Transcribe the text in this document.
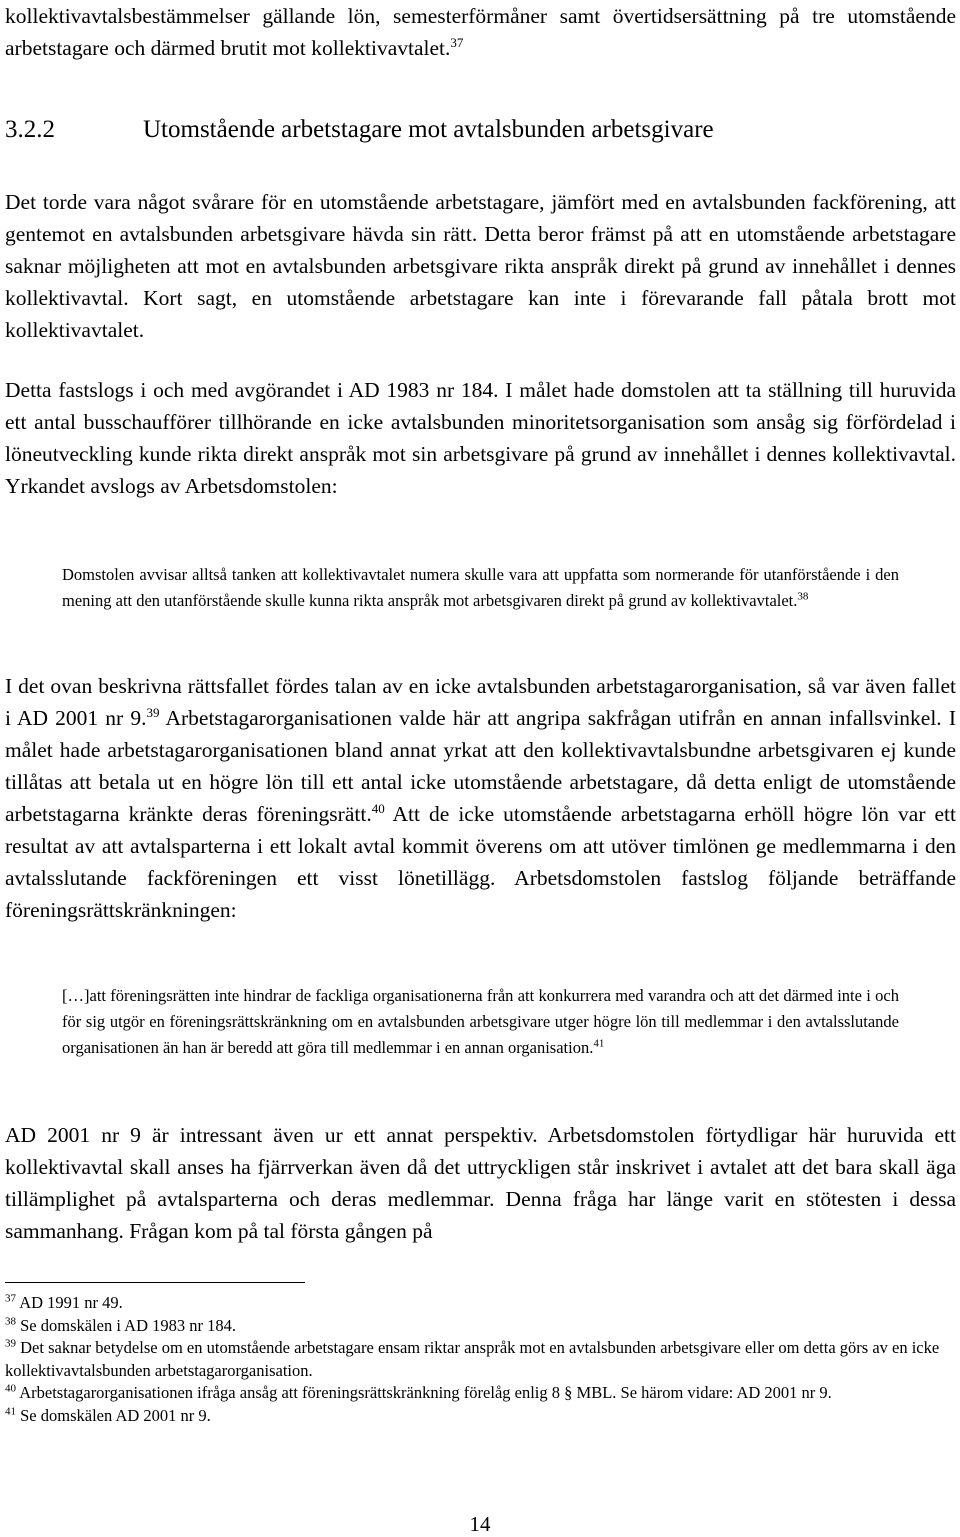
kollektivavtalsbestämmelser gällande lön, semesterförmåner samt övertidsersättning på tre utomstående arbetstagare och därmed brutit mot kollektivavtalet.$^{37}$

3.2.2	Utomstående arbetstagare mot avtalsbunden arbetsgivare

Det torde vara något svårare för en utomstående arbetstagare, jämfört med en avtalsbunden fackförening, att gentemot en avtalsbunden arbetsgivare hävda sin rätt. Detta beror främst på att en utomstående arbetstagare saknar möjligheten att mot en avtalsbunden arbetsgivare rikta anspråk direkt på grund av innehållet i dennes kollektivavtal. Kort sagt, en utomstående arbetstagare kan inte i förevarande fall påtala brott mot kollektivavtalet.

Detta fastslogs i och med avgörandet i AD 1983 nr 184. I målet hade domstolen att ta ställning till huruvida ett antal busschaufförer tillhörande en icke avtalsbunden minoritetsorganisation som ansåg sig förfördelad i löneutveckling kunde rikta direkt anspråk mot sin arbetsgivare på grund av innehållet i dennes kollektivavtal. Yrkandet avslogs av Arbetsdomstolen:

Domstolen avvisar alltså tanken att kollektivavtalet numera skulle vara att uppfatta som normerande för utanförstående i den mening att den utanförstående skulle kunna rikta anspråk mot arbetsgivaren direkt på grund av kollektivavtalet.$^{38}$

I det ovan beskrivna rättsfallet fördes talan av en icke avtalsbunden arbetstagarorganisation, så var även fallet i AD 2001 nr 9.39 Arbetstagarorganisationen valde här att angripa sakfrågan utifrån en annan infallsvinkel. I målet hade arbetstagarorganisationen bland annat yrkat att den kollektivavtalsbundne arbetsgivaren ej kunde tillåtas att betala ut en högre lön till ett antal icke utomstående arbetstagare, då detta enligt de utomstående arbetstagarna kränkte deras föreningsrätt.$^{40}$ Att de icke utomstående arbetstagarna erhöll högre lön var ett resultat av att avtalsparterna i ett lokalt avtal kommit överens om att utöver timlönen ge medlemmarna i den avtalsslutande fackföreningen ett visst lönetillägg. Arbetsdomstolen fastslog följande beträffande föreningsrättskränkningen:

[…]att föreningsrätten inte hindrar de fackliga organisationerna från att konkurrera med varandra och att det därmed inte i och för sig utgör en föreningsrättskränkning om en avtalsbunden arbetsgivare utger högre lön till medlemmar i den avtalsslutande organisationen än han är beredd att göra till medlemmar i en annan organisation.$^{41}$

AD 2001 nr 9 är intressant även ur ett annat perspektiv. Arbetsdomstolen förtydligar här huruvida ett kollektivavtal skall anses ha fjärrverkan även då det uttryckligen står inskrivet i avtalet att det bara skall äga tillämplighet på avtalsparterna och deras medlemmar. Denna fråga har länge varit en stötesten i dessa sammanhang. Frågan kom på tal första gången på

$^{37}$ AD 1991 nr 49.

$^{38}$ Se domskälen i AD 1983 nr 184.

$^{39}$ Det saknar betydelse om en utomstående arbetstagare ensam riktar anspråk mot en avtalsbunden arbetsgivare eller om detta görs av en icke kollektivavtalsbunden arbetstagarorganisation.

$^{40}$ Arbetstagarorganisationen ifråga ansåg att föreningsrättskränkning förelåg enlig 8 § MBL. Se härom vidare: AD 2001 nr 9.

$^{41}$ Se domskälen AD 2001 nr 9.

14
